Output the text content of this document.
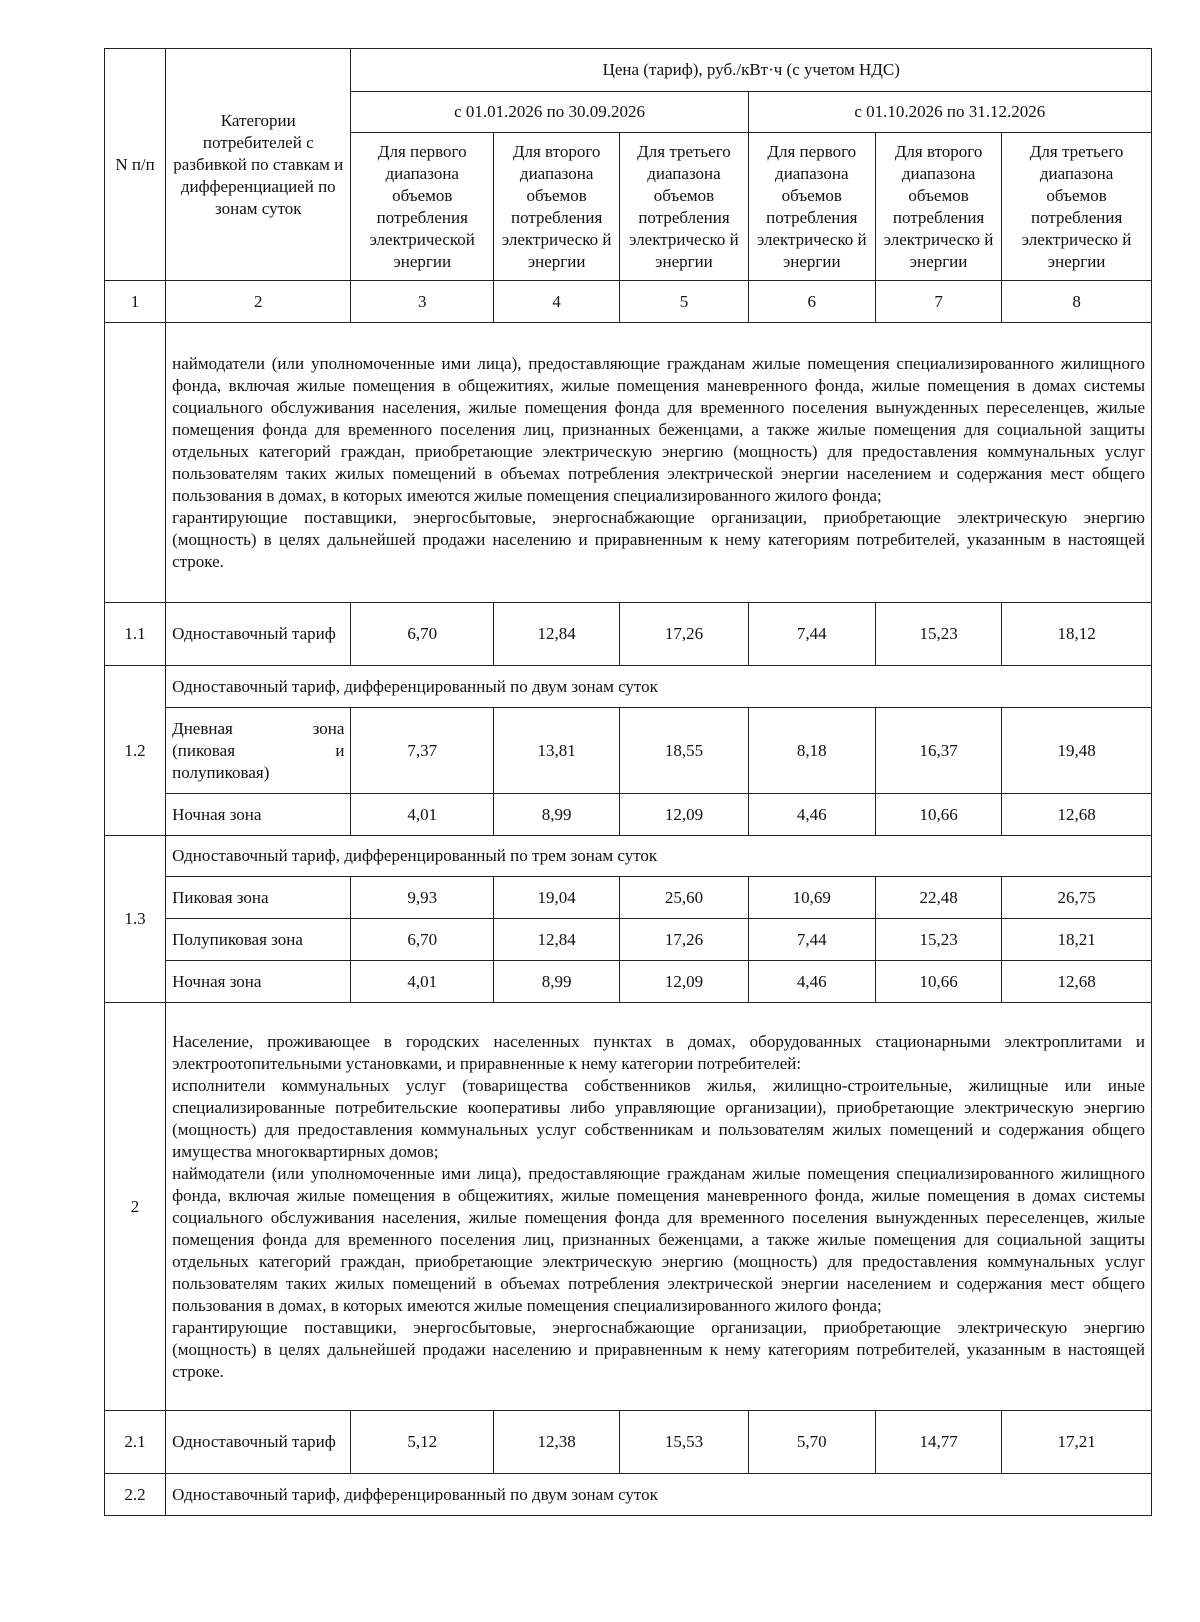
N п/п	Категории потребителей с разбивкой по ставкам и дифференциацией по зонам суток	Цена (тариф), руб./кВт·ч (с учетом НДС)					
		с 01.01.2026 по 30.09.2026			с 01.10.2026 по 31.12.2026		
		Для первого диапазона объемов потребления электрической энергии	Для второго диапазона объемов потребления электрическо й энергии	Для третьего диапазона объемов потребления электрическо й энергии	Для первого диапазона объемов потребления электрическо й энергии	Для второго диапазона объемов потребления электрическо й энергии	Для третьего диапазона объемов потребления электрическо й энергии
1	2	3	4	5	6	7	8

	наймодатели (или уполномоченные ими лица), предоставляющие гражданам жилые помещения специализированного жилищного фонда, включая жилые помещения в общежитиях, жилые помещения маневренного фонда, жилые помещения в домах системы социального обслуживания населения, жилые помещения фонда для временного поселения вынужденных переселенцев, жилые помещения фонда для временного поселения лиц, признанных беженцами, а также жилые помещения для социальной защиты отдельных категорий граждан, приобретающие электрическую энергию (мощность) для предоставления коммунальных услуг пользователям таких жилых помещений в объемах потребления электрической энергии населением и содержания мест общего пользования в домах, в которых имеются жилые помещения специализированного жилого фонда;
гарантирующие поставщики, энергосбытовые, энергоснабжающие организации, приобретающие электрическую энергию (мощность) в целях дальнейшей продажи населению и приравненным к нему категориям потребителей, указанным в настоящей строке.						

1.1	Одноставочный тариф	6,70	12,84	17,26	7,44	15,23	18,12
1.2	Одноставочный тариф, дифференцированный по двум зонам суток						

	Дневная зона
(пиковая и
полупиковая)	7,37	13,81	18,55	8,18	16,37	19,48
	Ночная зона	4,01	8,99	12,09	4,46	10,66	12,68
1.3	Одноставочный тариф, дифференцированный по трем зонам суток						
	Пиковая зона	9,93	19,04	25,60	10,69	22,48	26,75
	Полупиковая зона	6,70	12,84	17,26	7,44	15,23	18,21
	Ночная зона	4,01	8,99	12,09	4,46	10,66	12,68
2	Население, проживающее в городских населенных пунктах в домах, оборудованных стационарными электроплитами и электроотопительными установками, и приравненные к нему категории потребителей:
исполнители коммунальных услуг (товарищества собственников жилья, жилищно-строительные, жилищные или иные специализированные потребительские кооперативы либо управляющие организации), приобретающие электрическую энергию (мощность) для предоставления коммунальных услуг собственникам и пользователям жилых помещений и содержания общего имущества многоквартирных домов;
наймодатели (или уполномоченные ими лица), предоставляющие гражданам жилые помещения специализированного жилищного фонда, включая жилые помещения в общежитиях, жилые помещения маневренного фонда, жилые помещения в домах системы социального обслуживания населения, жилые помещения фонда для временного поселения вынужденных переселенцев, жилые помещения фонда для временного поселения лиц, признанных беженцами, а также жилые помещения для социальной защиты отдельных категорий граждан, приобретающие электрическую энергию (мощность) для предоставления коммунальных услуг пользователям таких жилых помещений в объемах потребления электрической энергии населением и содержания мест общего пользования в домах, в которых имеются жилые помещения специализированного жилого фонда;
гарантирующие поставщики, энергосбытовые, энергоснабжающие организации, приобретающие электрическую энергию (мощность) в целях дальнейшей продажи населению и приравненным к нему категориям потребителей, указанным в настоящей строке.						

2.1	Одноставочный тариф	5,12	12,38	15,53	5,70	14,77	17,21
2.2	Одноставочный тариф, дифференцированный по двум зонам суток						
